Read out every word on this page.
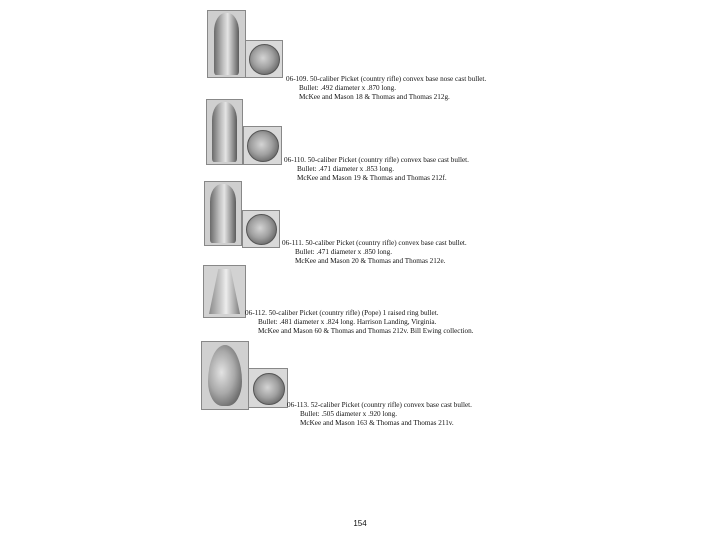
06-109. 50-caliber Picket (country rifle) convex base nose cast bullet.
Bullet: .492 diameter x .870 long.
McKee and Mason 18 & Thomas and Thomas 212g.
06-110. 50-caliber Picket (country rifle) convex base cast bullet.
Bullet: .471 diameter x .853 long.
McKee and Mason 19 & Thomas and Thomas 212f.
06-111. 50-caliber Picket (country rifle) convex base cast bullet.
Bullet: .471 diameter x .850 long.
McKee and Mason 20 & Thomas and Thomas 212e.
06-112. 50-caliber Picket (country rifle) (Pope) 1 raised ring bullet.
Bullet: .481 diameter x .824 long. Harrison Landing, Virginia.
McKee and Mason 60 & Thomas and Thomas 212v. Bill Ewing collection.
06-113. 52-caliber Picket (country rifle) convex base cast bullet.
Bullet: .505 diameter x .920 long.
McKee and Mason 163 & Thomas and Thomas 211v.
154
